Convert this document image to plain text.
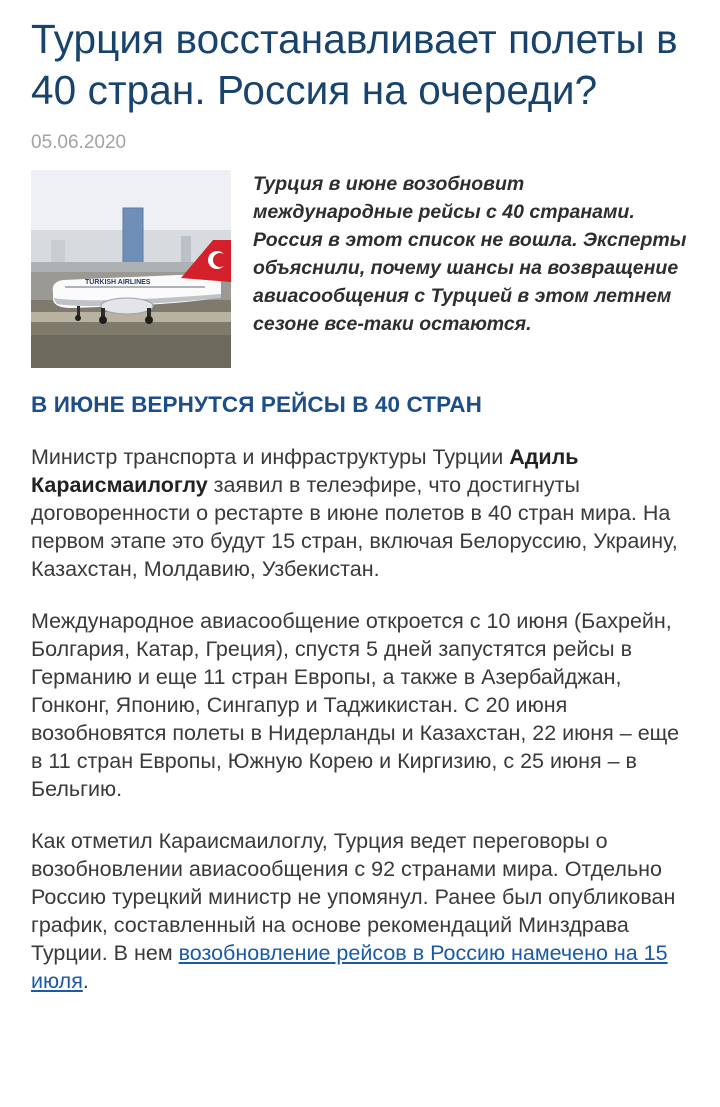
Турция восстанавливает полеты в 40 стран. Россия на очереди?
05.06.2020
TURKISH AIRLINES
Турция в июне возобновит международные рейсы с 40 странами. Россия в этот список не вошла. Эксперты объяснили, почему шансы на возвращение авиасообщения с Турцией в этом летнем сезоне все-таки остаются.
В ИЮНЕ ВЕРНУТСЯ РЕЙСЫ В 40 СТРАН

Министр транспорта и инфраструктуры Турции Адиль Караисмаилоглу заявил в телеэфире, что достигнуты договоренности о рестарте в июне полетов в 40 стран мира. На первом этапе это будут 15 стран, включая Белоруссию, Украину, Казахстан, Молдавию, Узбекистан.

Международное авиасообщение откроется с 10 июня (Бахрейн, Болгария, Катар, Греция), спустя 5 дней запустятся рейсы в Германию и еще 11 стран Европы, а также в Азербайджан, Гонконг, Японию, Сингапур и Таджикистан. С 20 июня возобновятся полеты в Нидерланды и Казахстан, 22 июня – еще в 11 стран Европы, Южную Корею и Киргизию, с 25 июня – в Бельгию.

Как отметил Караисмаилоглу, Турция ведет переговоры о возобновлении авиасообщения с 92 странами мира. Отдельно Россию турецкий министр не упомянул. Ранее был опубликован график, составленный на основе рекомендаций Минздрава Турции. В нем возобновление рейсов в Россию намечено на 15 июля.
